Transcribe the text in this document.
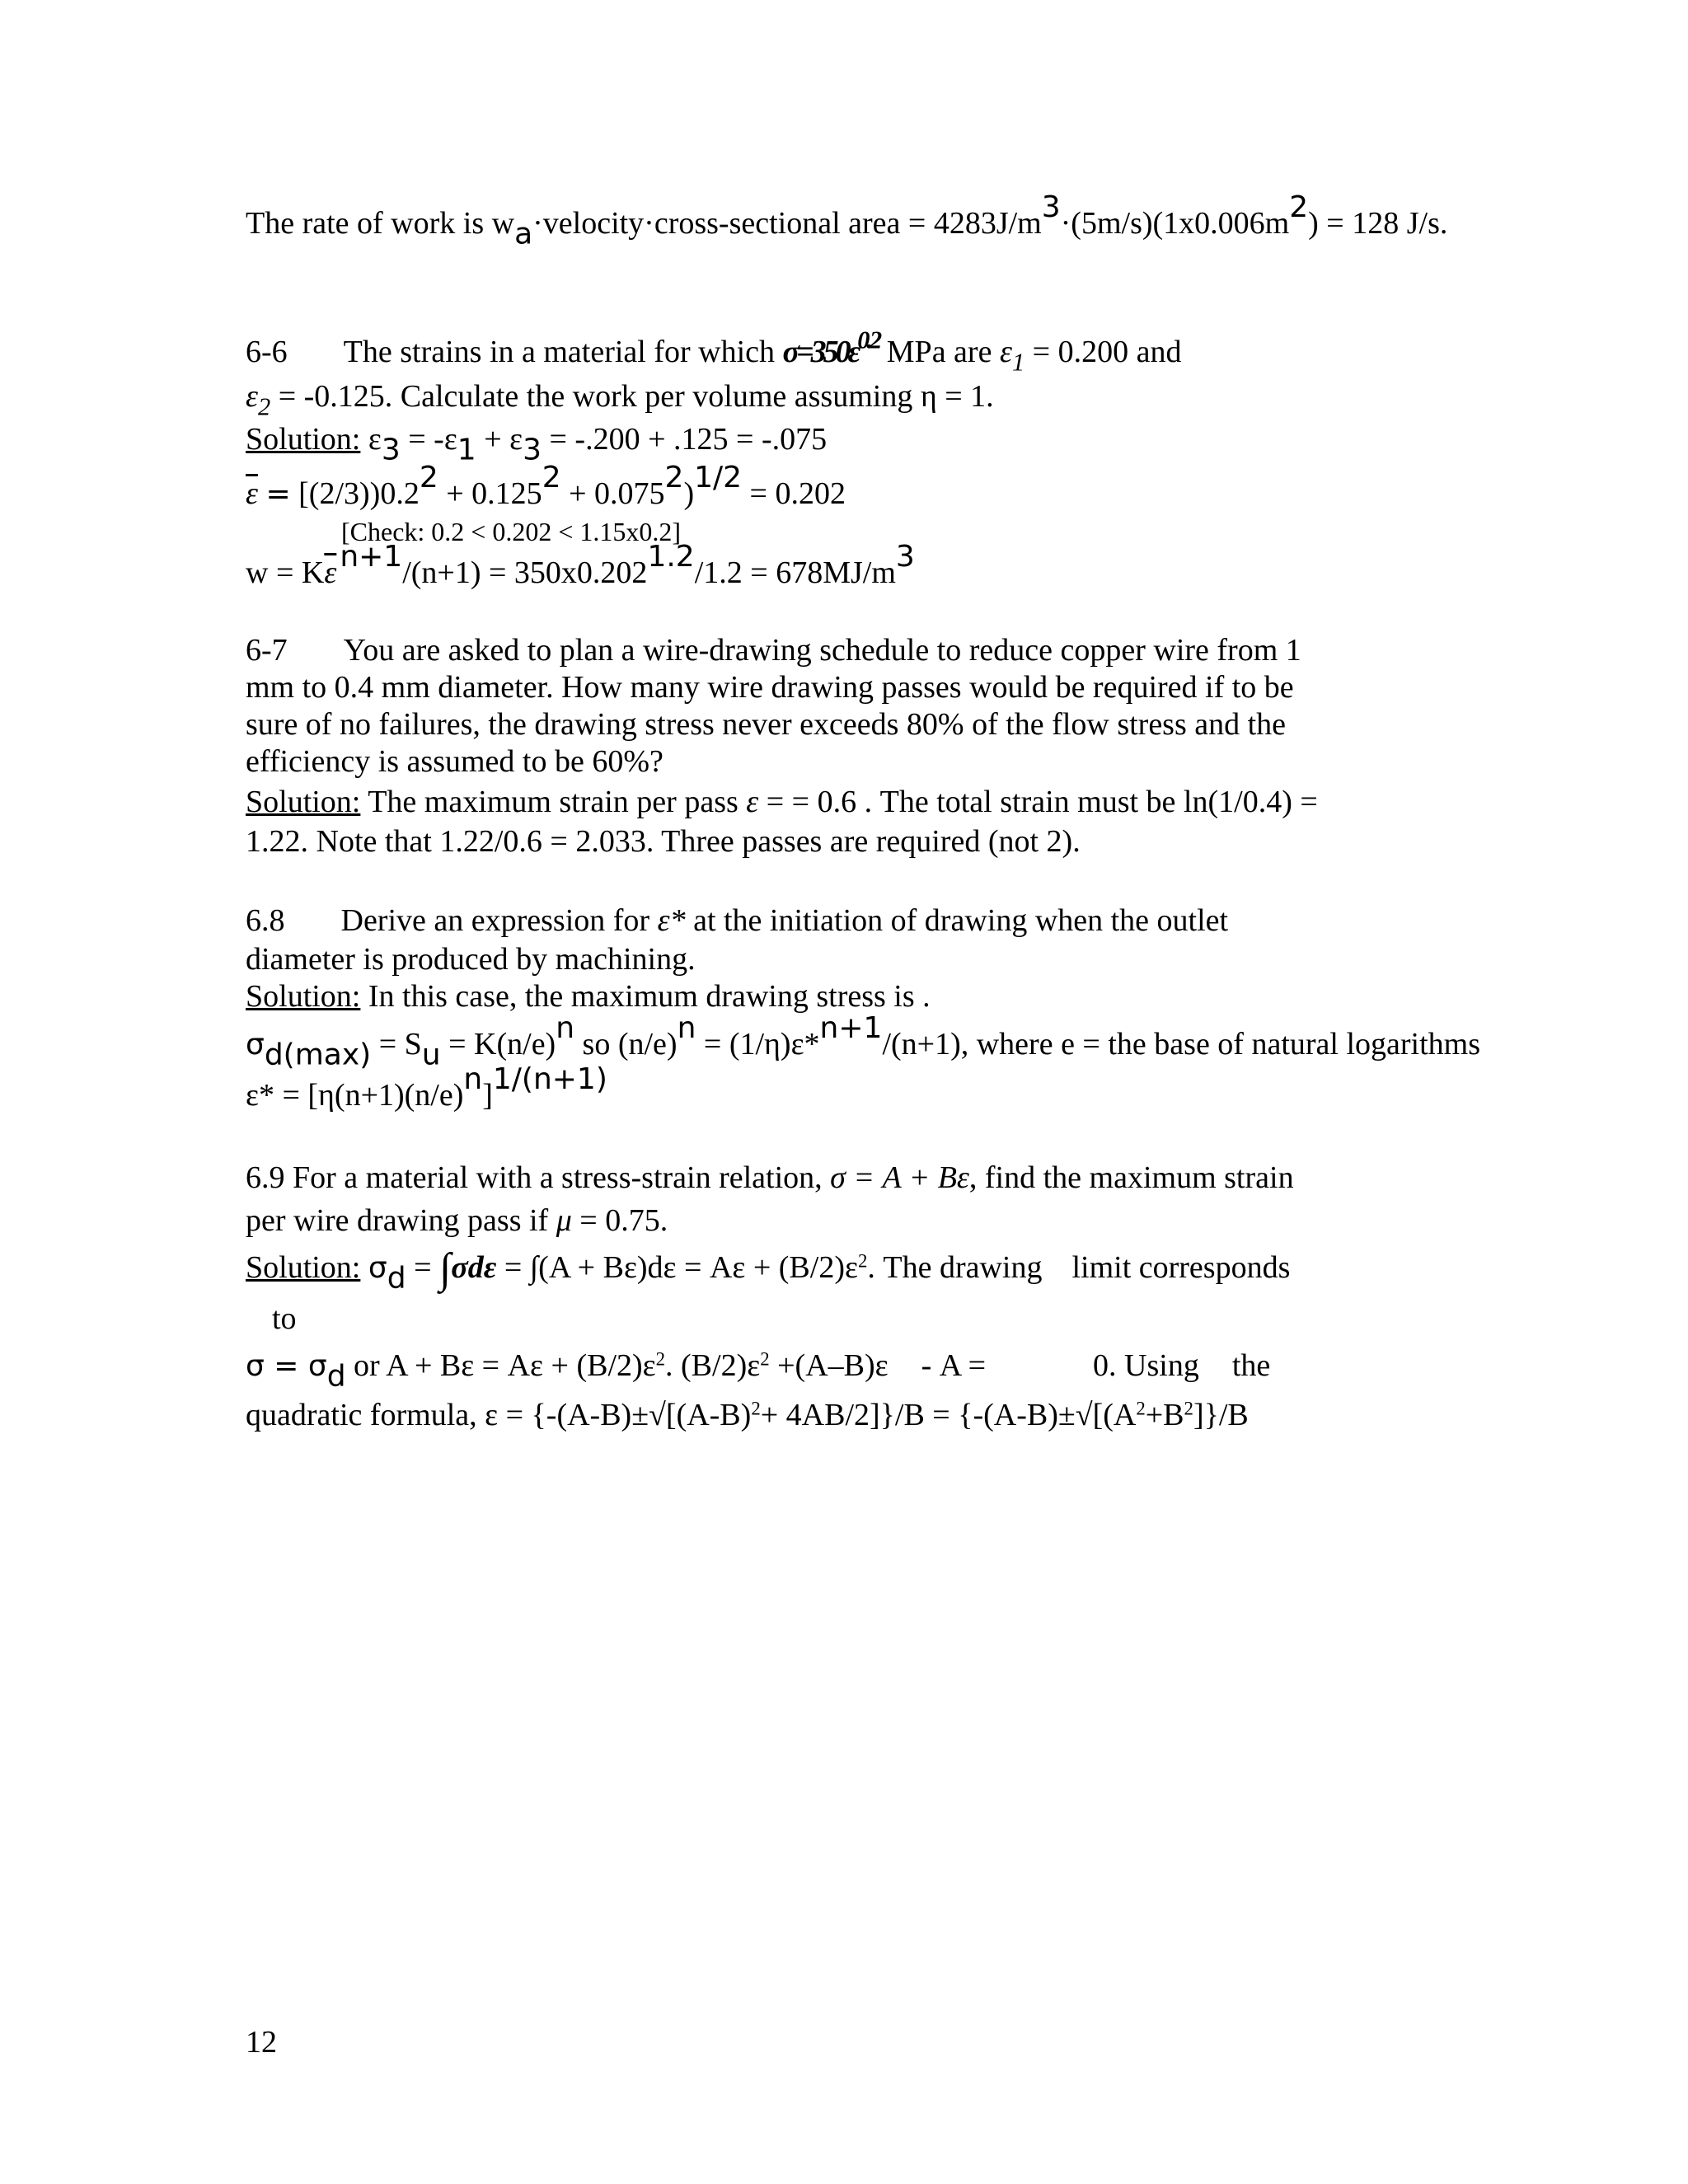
The rate of work is $w_a\cdot velocity\cdot cross$-sectional area = $4283J/m^3\cdot(5m/s)(1x0.006m^2) = 128$ J/s.
6-6 The strains in a material for which $\sigma=350\varepsilon^{0.2}$ MPa are $\varepsilon_1 = 0.200$ and
$\varepsilon_2 = -0.125$. Calculate the work per volume assuming η = 1.
Solution: $\varepsilon_3 = -\varepsilon_1 + \varepsilon_3 = -.200 + .125 = -.075$
$\overline{\varepsilon} = [(2/3))0.2^2 + 0.125^2 + 0.075^2)^{1/2} = 0.202$
[Check: 0.2 < 0.202 < 1.15x0.2]
$w = K\overline{\varepsilon}$ $^{n+1}/(n+1) = 350x0.202^{1.2}/1.2 = 678MJ/m^3$
6-7 You are asked to plan a wire-drawing schedule to reduce copper wire from 1
mm to 0.4 mm diameter. How many wire drawing passes would be required if to be
sure of no failures, the drawing stress never exceeds 80% of the flow stress and the
efficiency is assumed to be 60%?
Solution: The maximum strain per pass ε = = 0.6 . The total strain must be ln(1/0.4) =
1.22. Note that 1.22/0.6 = 2.033. Three passes are required (not 2).
6.8 Derive an expression for ε* at the initiation of drawing when the outlet
diameter is produced by machining.
Solution: In this case, the maximum drawing stress is .
$\sigma_{d(max)} = S_u = K(n/e)^n$ so $(n/e)^n = (1/\eta)\varepsilon*^{n+1}/(n+1)$, where e = the base of natural logarithms
$\varepsilon* = [\eta(n+1)(n/e)^n]^{1/(n+1)}$
6.9 For a material with a stress-strain relation, σ = A + Bε, find the maximum strain
per wire drawing pass if μ = 0.75.
Solution: $\sigma_d = \int\sigma d\varepsilon = \int(A + B\varepsilon)d\varepsilon = A\varepsilon + (B/2)\varepsilon^2$. The drawing limit corresponds
to
$\sigma = \sigma_d$ or $A + B\varepsilon = A\varepsilon + (B/2)\varepsilon^2$. $(B/2)\varepsilon^2 +(A-B)\varepsilon - A$ =	0. Using the
quadratic formula, $\varepsilon = \{-(A-B)\pm√[(A-B)^2+ 4AB/2]\}/B = \{-(A-B)\pm√[(A^2+B^2]\}/B$
12
